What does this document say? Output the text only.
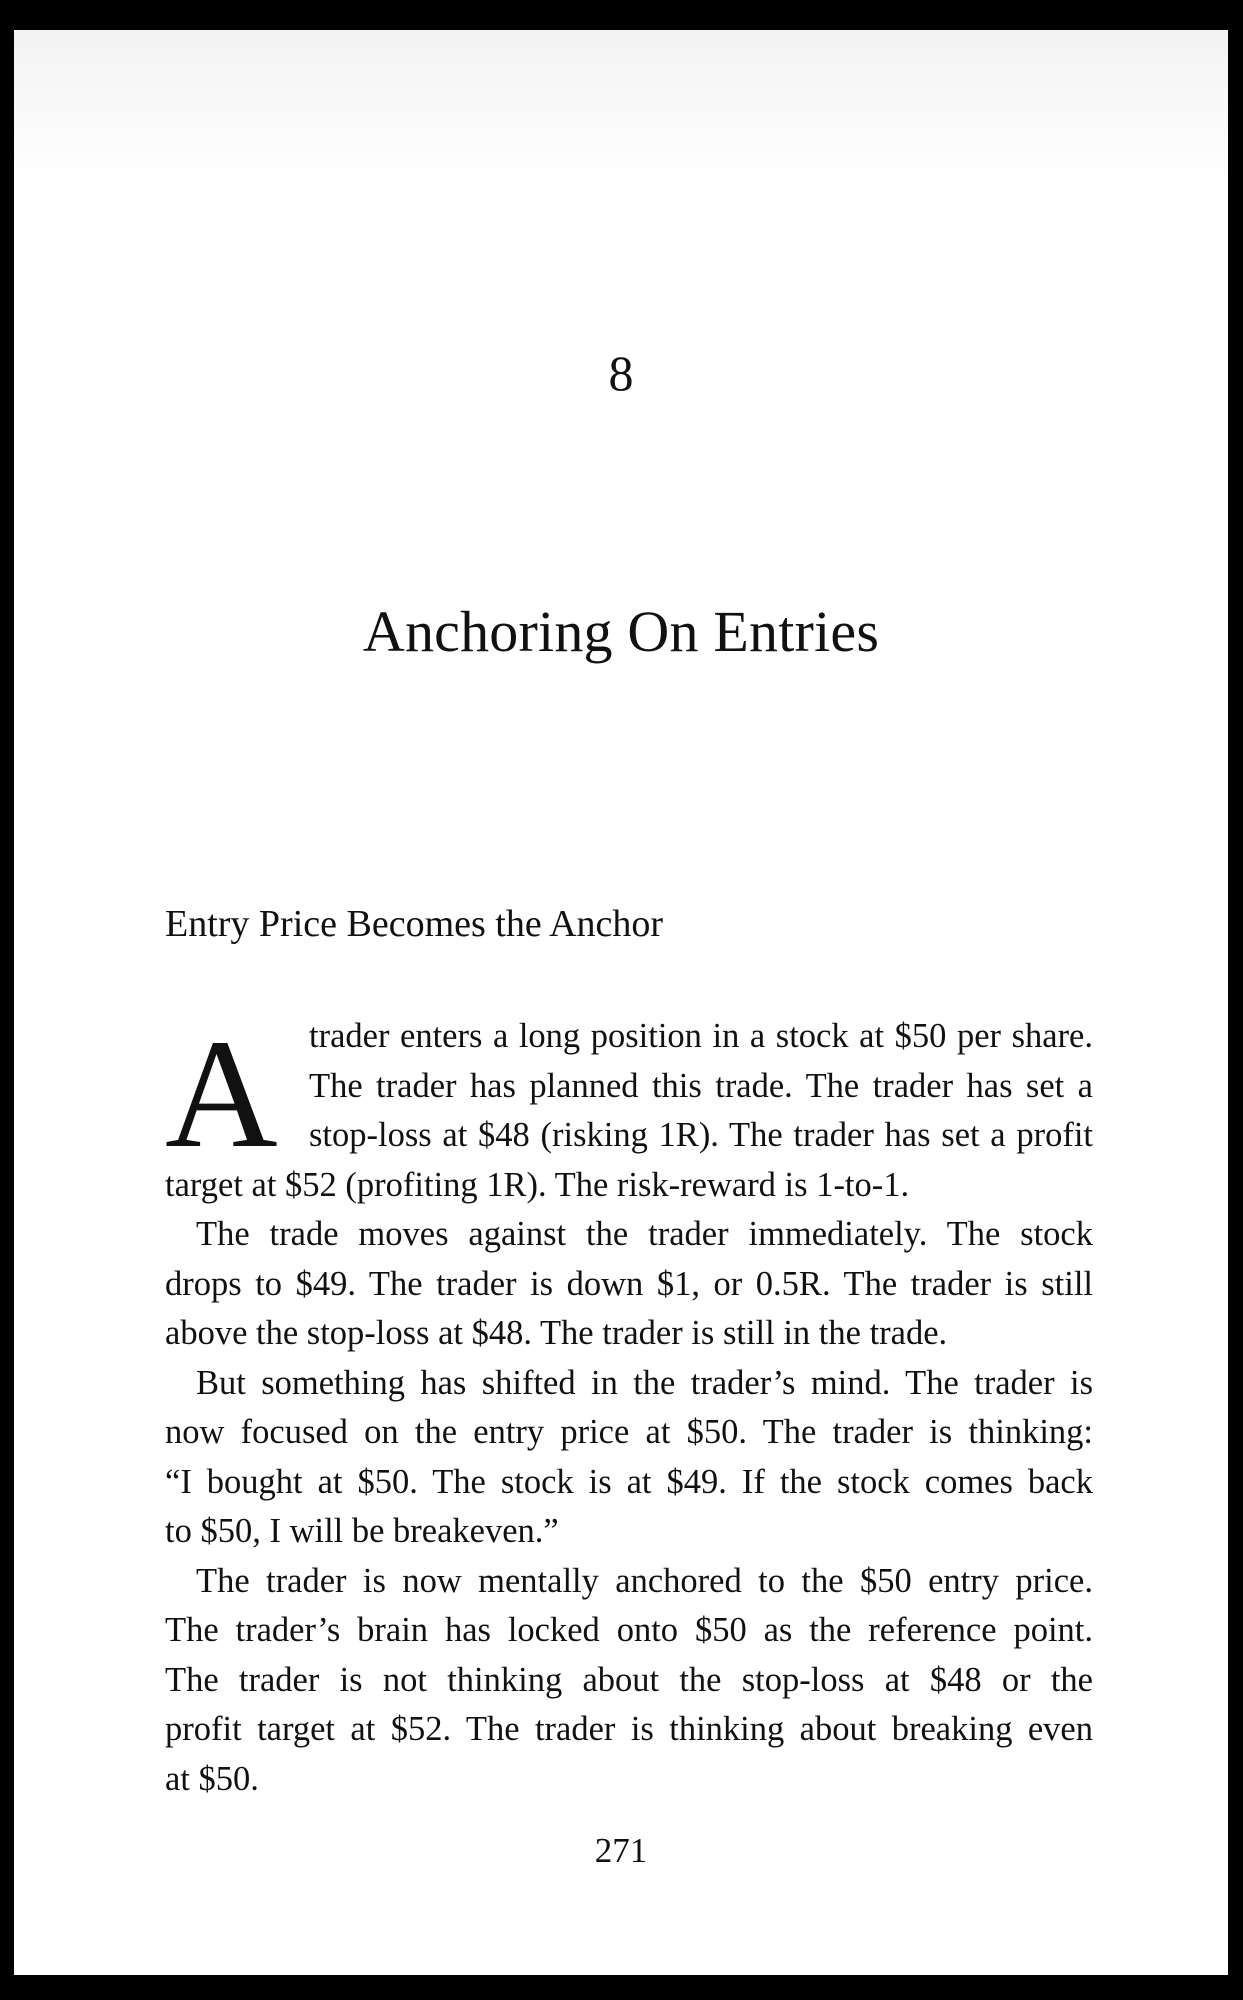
8
Anchoring On Entries
Entry Price Becomes the Anchor
A trader enters a long position in a stock at $50 per share.
The trader has planned this trade. The trader has set a
stop-loss at $48 (risking 1R). The trader has set a profit
target at $52 (profiting 1R). The risk-reward is 1-to-1.
The trade moves against the trader immediately. The stock
drops to $49. The trader is down $1, or 0.5R. The trader is still
above the stop-loss at $48. The trader is still in the trade.
But something has shifted in the trader’s mind. The trader is
now focused on the entry price at $50. The trader is thinking:
“I bought at $50. The stock is at $49. If the stock comes back
to $50, I will be breakeven.”
The trader is now mentally anchored to the $50 entry price.
The trader’s brain has locked onto $50 as the reference point.
The trader is not thinking about the stop-loss at $48 or the
profit target at $52. The trader is thinking about breaking even
at $50.
271
